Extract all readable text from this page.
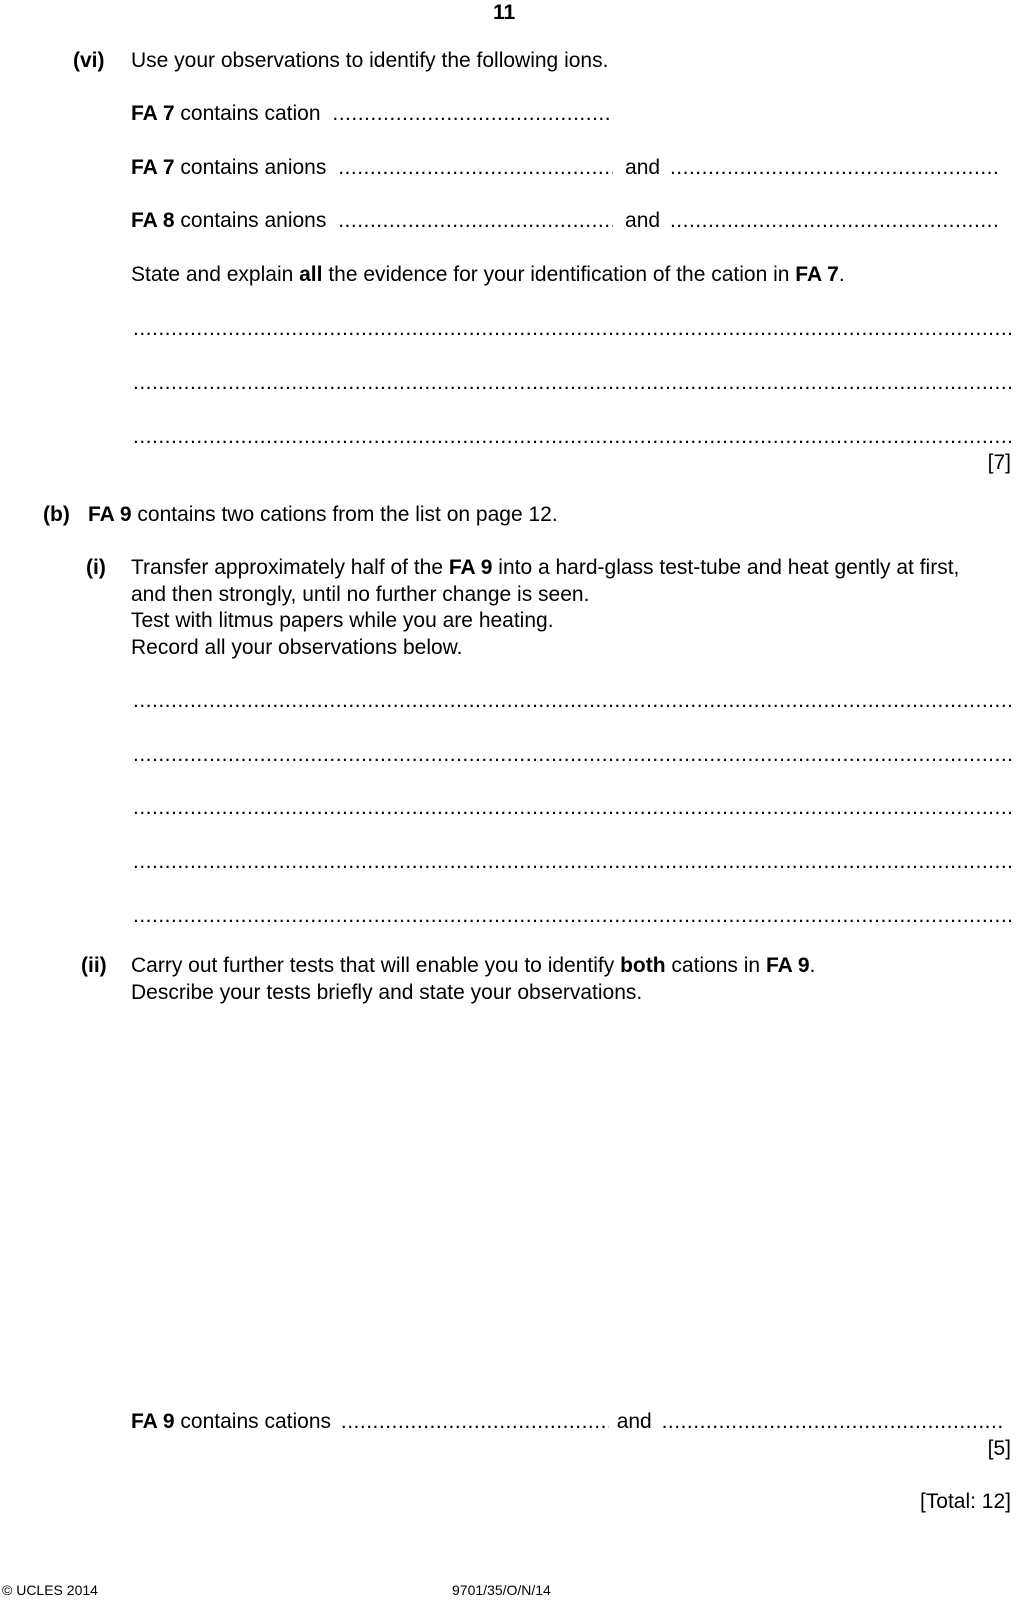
11
(vi) Use your observations to identify the following ions.
FA 7 contains cation .....
FA 7 contains anions .....	and .....
FA 8 contains anions .....	and .....
State and explain all the evidence for your identification of the cation in FA 7.
.....
.....
.....
[7]
(b) FA 9 contains two cations from the list on page 12.
(i) Transfer approximately half of the FA 9 into a hard-glass test-tube and heat gently at first,
and then strongly, until no further change is seen.
Test with litmus papers while you are heating.
Record all your observations below.
.....
.....
.....
.....
.....
(ii) Carry out further tests that will enable you to identify both cations in FA 9.
Describe your tests briefly and state your observations.
FA 9 contains cations .....	and .....
[5]
[Total: 12]
© UCLES 2014	9701/35/O/N/14
